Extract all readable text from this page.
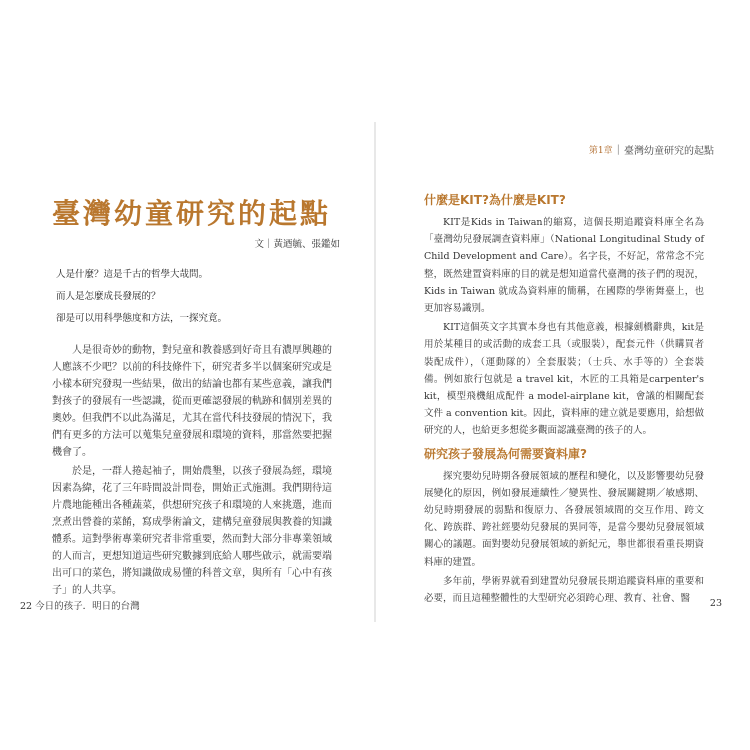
第1章 | 臺灣幼童研究的起點
臺灣幼童研究的起點
文｜黃迺毓、張鑑如

人是什麼？這是千古的哲學大哉問。

而人是怎麼成長發展的？

卻是可以用科學態度和方法，一探究竟。

人是很奇妙的動物，對兒童和教養感到好奇且有濃厚興趣的人應該不少吧？以前的科技條件下，研究者多半以個案研究或是小樣本研究發現一些結果，做出的結論也都有某些意義，讓我們對孩子的發展有一些認識，從而更確認發展的軌跡和個別差異的奧妙。但我們不以此為滿足，尤其在當代科技發展的情況下，我們有更多的方法可以蒐集兒童發展和環境的資料，那當然要把握機會了。

於是，一群人捲起袖子，開始農墾，以孩子發展為經，環境因素為緯，花了三年時間設計問卷，開始正式施測。我們期待這片農地能種出各種蔬菜，供想研究孩子和環境的人來挑選，進而烹煮出營養的菜餚，寫成學術論文，建構兒童發展與教養的知識體系。這對學術專業研究者非常重要，然而對大部分非專業領域的人而言，更想知道這些研究數據到底給人哪些啟示，就需要端出可口的菜色，將知識做成易懂的科普文章，與所有「心中有孩子」的人共享。

22 今日的孩子．明日的台灣
什麼是KIT?為什麼是KIT?

KIT是Kids in Taiwan的縮寫，這個長期追蹤資料庫全名為「臺灣幼兒發展調查資料庫」（National Longitudinal Study of Child Development and Care）。名字長，不好記，常常念不完整，既然建置資料庫的目的就是想知道當代臺灣的孩子們的現況，Kids in Taiwan 就成為資料庫的簡稱，在國際的學術舞臺上，也更加容易識別。

KIT這個英文字其實本身也有其他意義，根據劍橋辭典，kit是用於某種目的或活動的成套工具（或服裝），配套元件（供購買者裝配成件），（運動隊的）全套服裝；（士兵、水手等的）全套裝備。例如旅行包就是 a travel kit，木匠的工具箱是carpenter's kit，模型飛機組成配件 a model-airplane kit，會議的相關配套文件 a convention kit。因此，資料庫的建立就是要應用，給想做研究的人，也給更多想從多觀面認識臺灣的孩子的人。

研究孩子發展為何需要資料庫?

探究嬰幼兒時期各發展領域的歷程和變化，以及影響嬰幼兒發展變化的原因，例如發展連續性／變異性、發展關鍵期／敏感期、幼兒時期發展的弱點和復原力、各發展領域間的交互作用、跨文化、跨族群、跨社經嬰幼兒發展的異同等，是當今嬰幼兒發展領域關心的議題。面對嬰幼兒發展領域的新紀元，舉世都很看重長期資料庫的建置。

多年前，學術界就看到建置幼兒發展長期追蹤資料庫的重要和必要，而且這種整體性的大型研究必須跨心理、教育、社會、醫	23
